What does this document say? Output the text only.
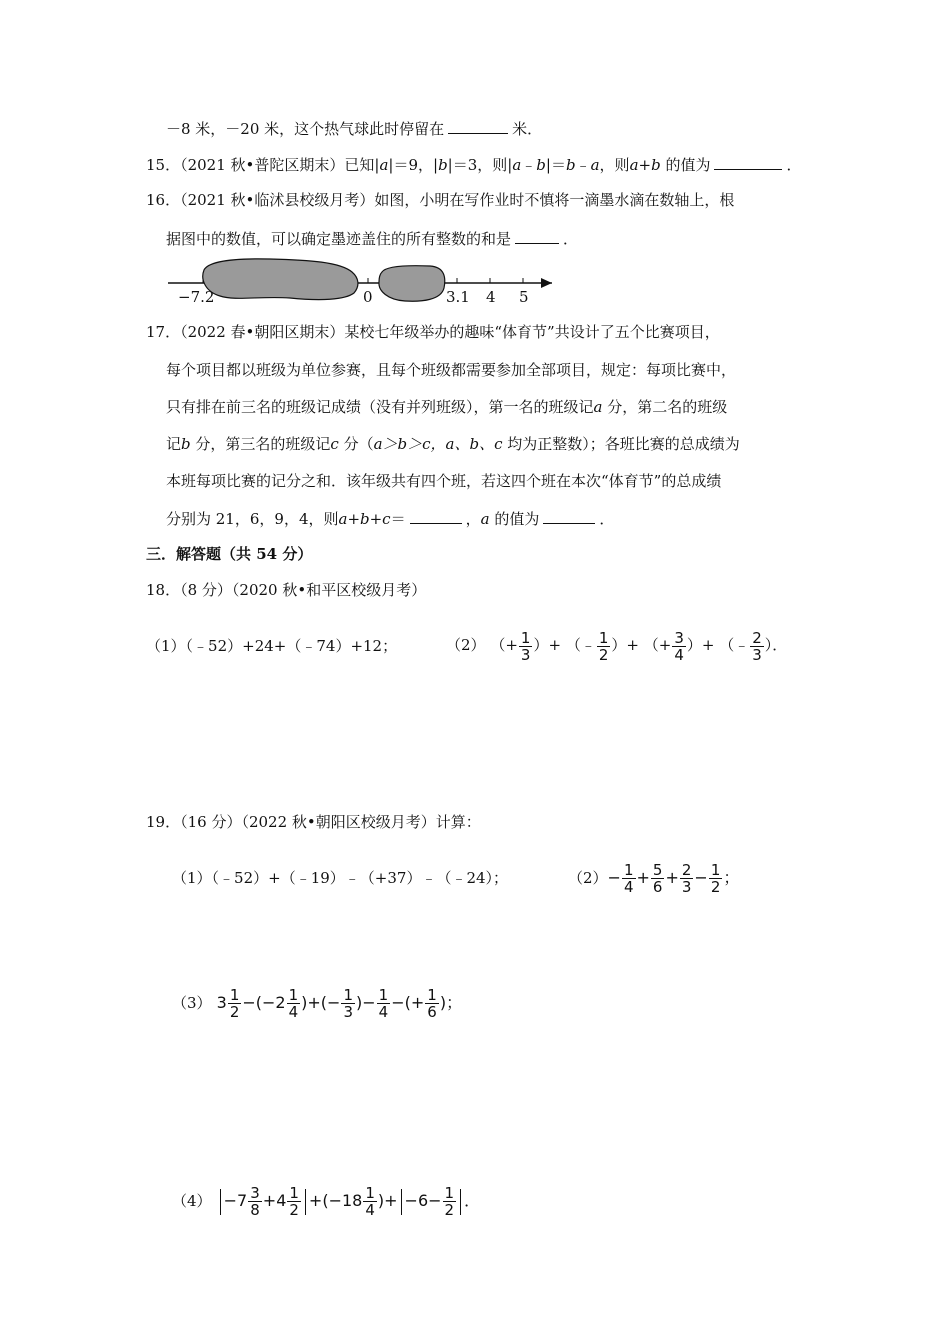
－8 米，－20 米，这个热气球此时停留在	米．
15．（2021 秋•普陀区期末）已知|a|＝9，|b|＝3，则|a﹣b|＝b﹣a，则a+b 的值为	．
16．（2021 秋•临沭县校级月考）如图，小明在写作业时不慎将一滴墨水滴在数轴上，根
据图中的数值，可以确定墨迹盖住的所有整数的和是	．
−7.2	0	3.1 4 5
17．（2022 春•朝阳区期末）某校七年级举办的趣味“体育节”共设计了五个比赛项目，
每个项目都以班级为单位参赛，且每个班级都需要参加全部项目，规定：每项比赛中，
只有排在前三名的班级记成绩（没有并列班级），第一名的班级记a 分，第二名的班级
记b 分，第三名的班级记c 分（a＞b＞c，a、b、c 均为正整数）；各班比赛的总成绩为
本班每项比赛的记分之和．该年级共有四个班，若这四个班在本次“体育节”的总成绩
分别为 21，6，9，4，则a+b+c＝	，a 的值为	．
三．解答题（共 54 分）
18．（8 分）（2020 秋•和平区校级月考）
（1）（﹣52）+24+（﹣74）+12；	（2） （+ $\frac{1}{3}$ ）+ （﹣ $\frac{1}{2}$ ）+ （+ $\frac{3}{4}$ ）+ （﹣ $\frac{2}{3}$ ）．
19．（16 分）（2022 秋•朝阳区校级月考）计算：
（1）（﹣52）+（﹣19）﹣（+37）﹣（﹣24）；	$(2)- \frac{1}{4} + \frac{5}{6} + \frac{2}{3} - \frac{1}{2}$ ；
（3） $3 \frac{1}{2} -(-2 \frac{1}{4}$ )+(− $\frac{1}{3}$ )− $\frac{1}{4}$ −(+ $\frac{1}{6}$ )；
$(4) -7 \frac{3}{8} +4 \frac{1}{2} +(-18 \frac{1}{4}$ )+ $-6- \frac{1}{2}$ ．
